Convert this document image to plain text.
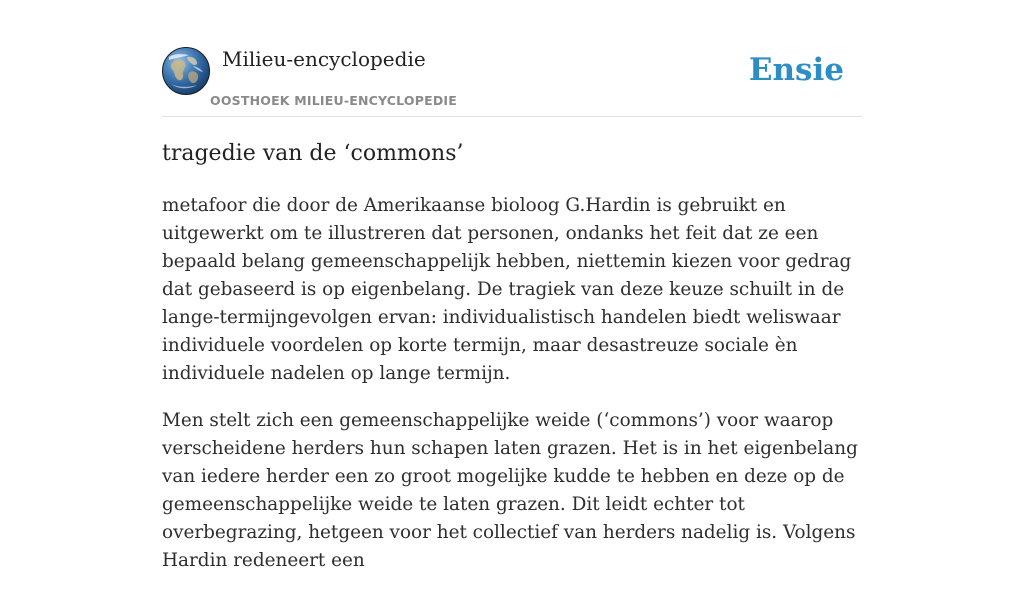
Milieu-encyclopedie
OOSTHOEK MILIEU-ENCYCLOPEDIE
Ensie
tragedie van de ‘commons’

metafoor die door de Amerikaanse bioloog G.Hardin is gebruikt en uitgewerkt om te illustreren dat personen, ondanks het feit dat ze een bepaald belang gemeenschappelijk hebben, niettemin kiezen voor gedrag dat gebaseerd is op eigenbelang. De tragiek van deze keuze schuilt in de lange-termijngevolgen ervan: individualistisch handelen biedt weliswaar individuele voordelen op korte termijn, maar desastreuze sociale èn individuele nadelen op lange termijn.

Men stelt zich een gemeenschappelijke weide (‘commons’) voor waarop verscheidene herders hun schapen laten grazen. Het is in het eigenbelang van iedere herder een zo groot mogelijke kudde te hebben en deze op de gemeenschappelijke weide te laten grazen. Dit leidt echter tot overbegrazing, hetgeen voor het collectief van herders nadelig is. Volgens Hardin redeneert een
